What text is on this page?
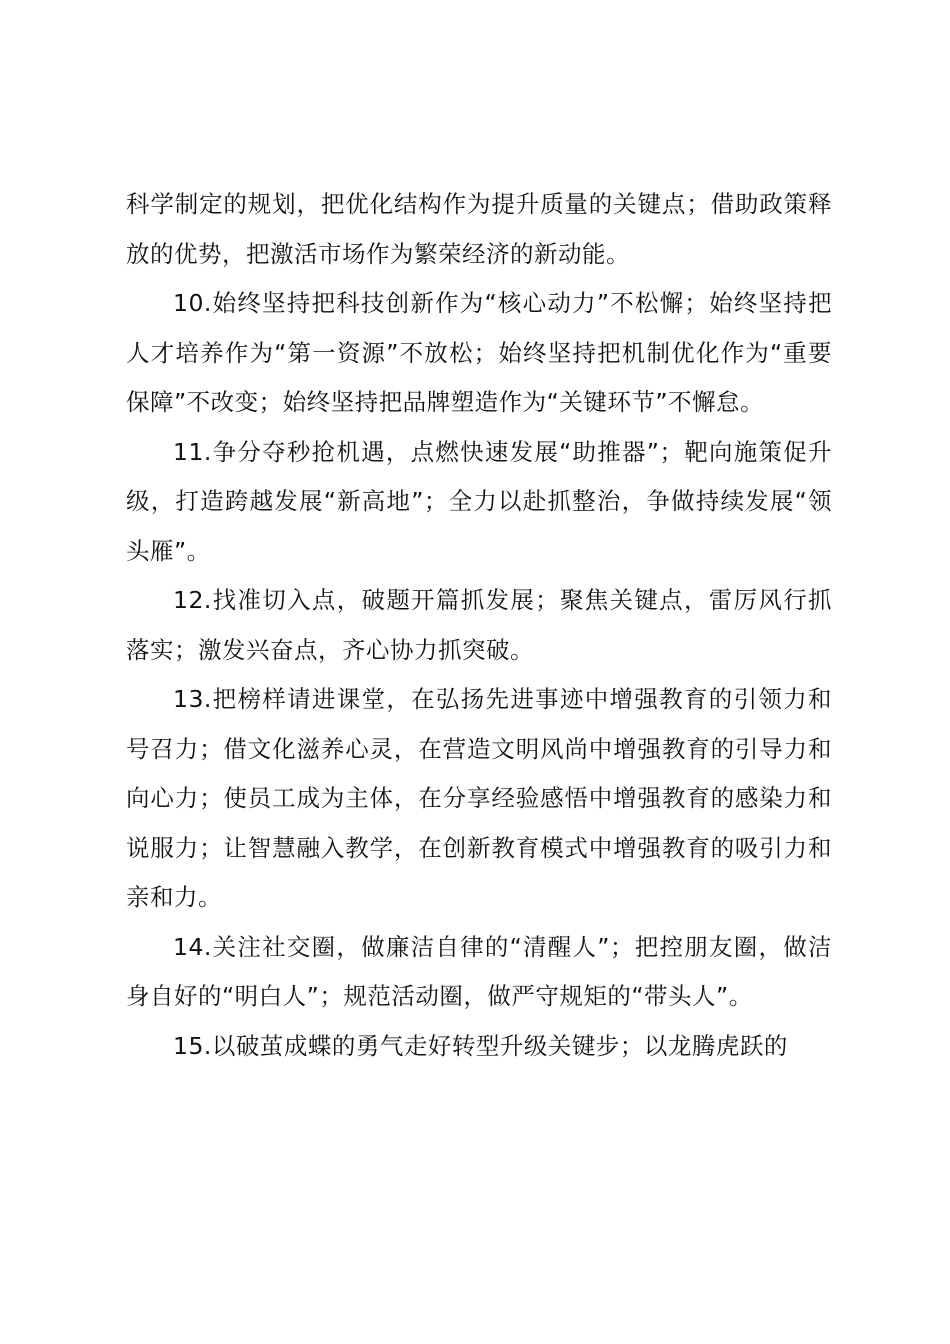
科学制定的规划，把优化结构作为提升质量的关键点；借助政策释放的优势，把激活市场作为繁荣经济的新动能。

10.始终坚持把科技创新作为“核心动力”不松懈；始终坚持把人才培养作为“第一资源”不放松；始终坚持把机制优化作为“重要保障”不改变；始终坚持把品牌塑造作为“关键环节”不懈怠。

11.争分夺秒抢机遇，点燃快速发展“助推器”；靶向施策促升级，打造跨越发展“新高地”；全力以赴抓整治，争做持续发展“领头雁”。

12.找准切入点，破题开篇抓发展；聚焦关键点，雷厉风行抓落实；激发兴奋点，齐心协力抓突破。

13.把榜样请进课堂，在弘扬先进事迹中增强教育的引领力和号召力；借文化滋养心灵，在营造文明风尚中增强教育的引导力和向心力；使员工成为主体，在分享经验感悟中增强教育的感染力和说服力；让智慧融入教学，在创新教育模式中增强教育的吸引力和亲和力。

14.关注社交圈，做廉洁自律的“清醒人”；把控朋友圈，做洁身自好的“明白人”；规范活动圈，做严守规矩的“带头人”。

15.以破茧成蝶的勇气走好转型升级关键步；以龙腾虎跃的
